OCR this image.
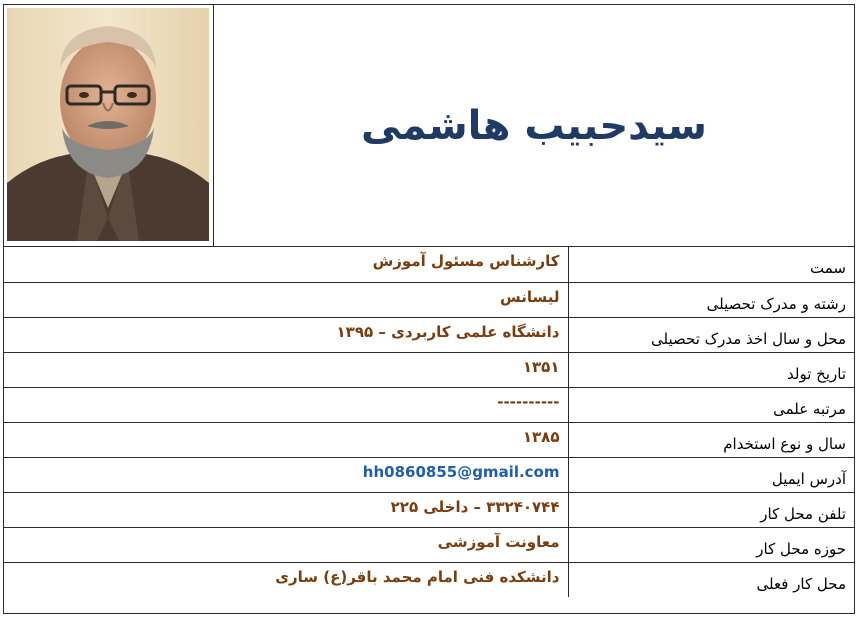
سیدحبیب هاشمی
سمت	کارشناس مسئول آموزش
رشته و مدرک تحصیلی	لیسانس
محل و سال اخذ مدرک تحصیلی	دانشگاه علمی کاربردی – ۱۳۹۵
تاریخ تولد	۱۳۵۱
مرتبه علمی	----------
سال و نوع استخدام	۱۳۸۵
آدرس ایمیل	hh0860855@gmail.com
تلفن محل کار	۳۳۲۴۰۷۴۴ – داخلی ۲۲۵
حوزه محل کار	معاونت آموزشی
محل کار فعلی	دانشکده فنی امام محمد باقر(ع) ساری
